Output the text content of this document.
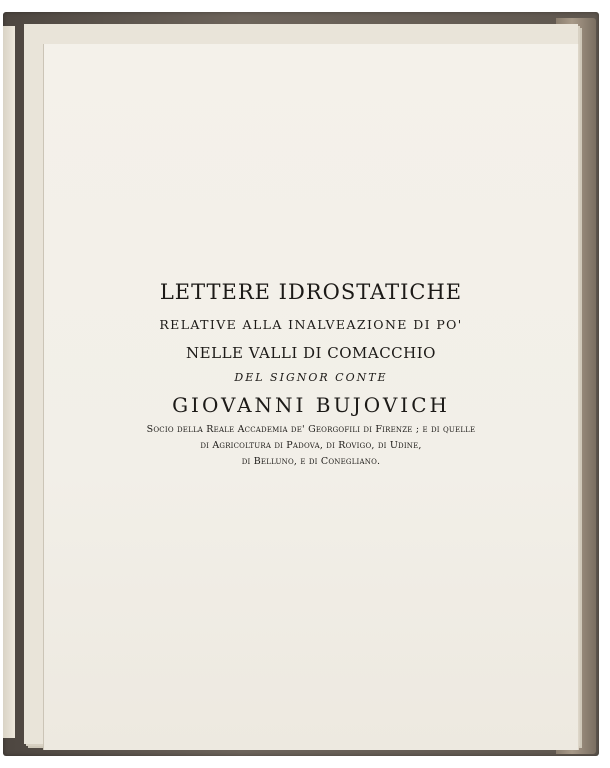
LETTERE IDROSTATICHE
RELATIVE ALLA INALVEAZIONE DI PO'
NELLE VALLI DI COMACCHIO
DEL SIGNOR CONTE
GIOVANNI BUJOVICH
Socio della Reale Accademia de' Georgofili di Firenze ; e di quelle
di Agricoltura di Padova, di Rovigo, di Udine,
di Belluno, e di Conegliano.
